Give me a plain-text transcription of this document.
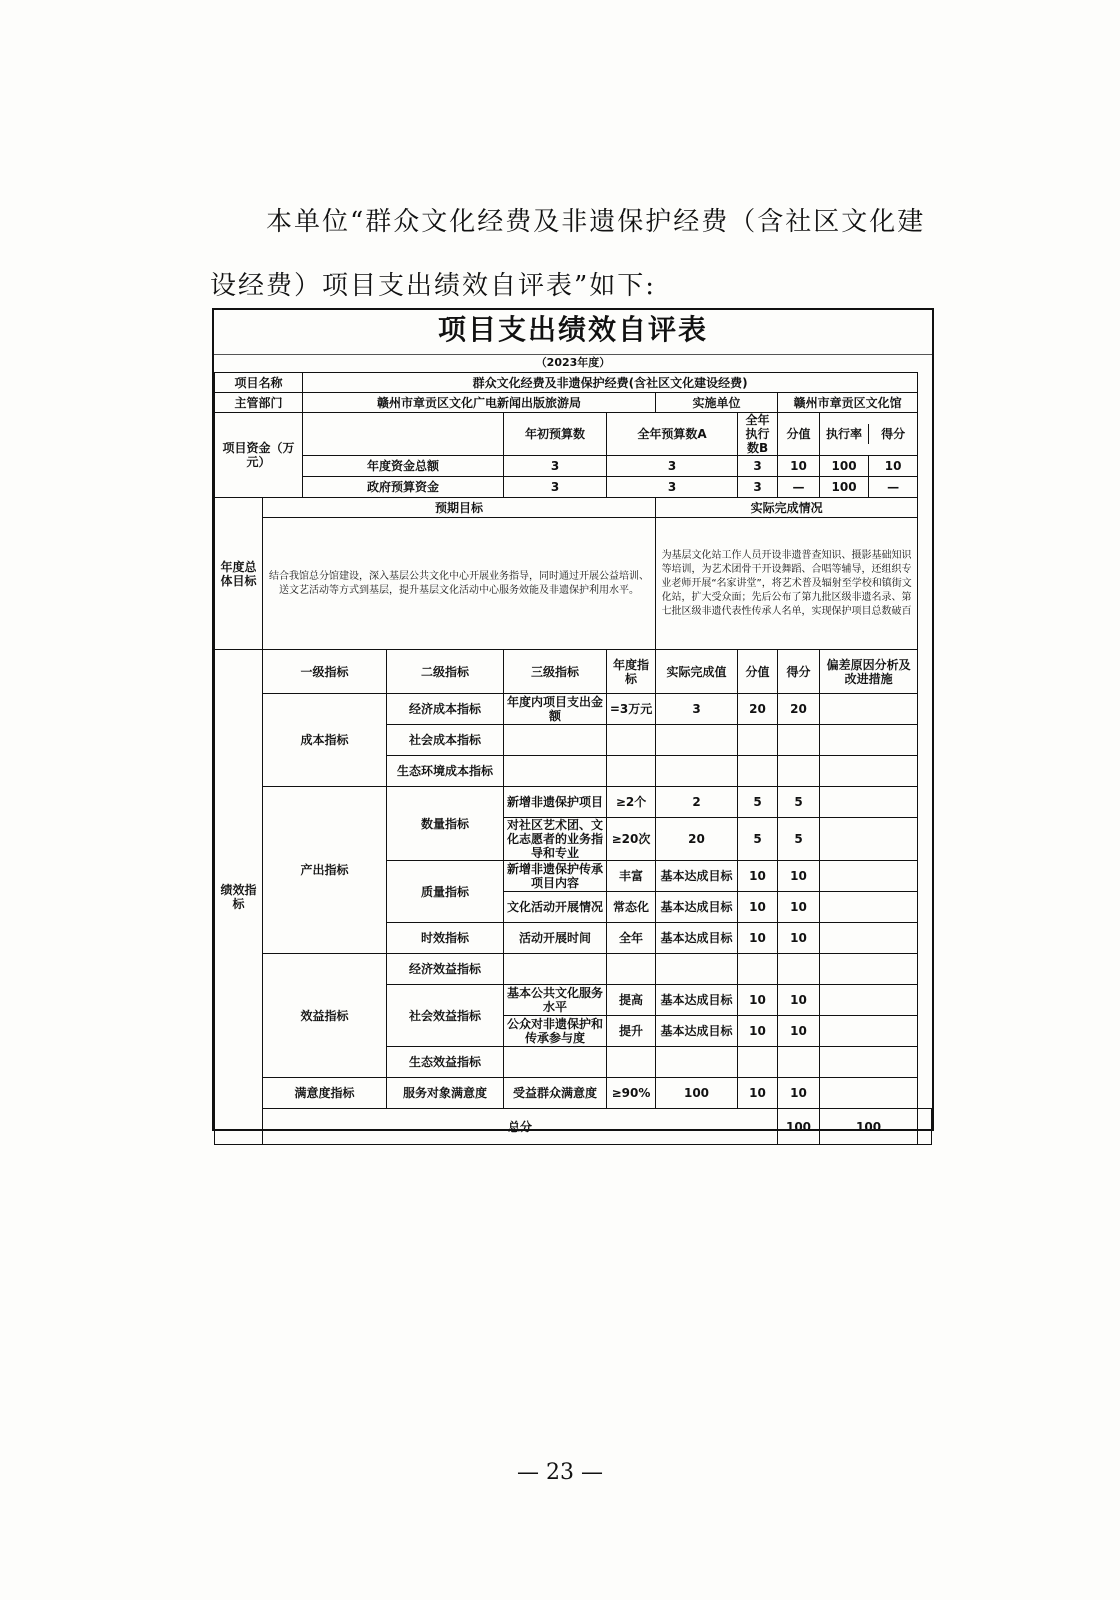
本单位“群众文化经费及非遗保护经费（含社区文化建
设经费）项目支出绩效自评表”如下:
项目支出绩效自评表
（2023年度）
项目名称		群众文化经费及非遗保护经费(含社区文化建设经费)								
主管部门		赣州市章贡区文化广电新闻出版旅游局				实施单位		赣州市章贡区文化馆		
项目资金（万元）				年初预算数	全年预算数A		全年执行数B	分值	执行率 得分	

		年度资金总额		3	3		3	10	100 10	

		政府预算资金		3	3		3	—	100 —	

年度总体目标	预期目标					实际完成情况				
	结合我馆总分馆建设，深入基层公共文化中心开展业务指导，同时通过开展公益培训、送文艺活动等方式到基层，提升基层文化活动中心服务效能及非遗保护利用水平。					为基层文化站工作人员开设非遗普查知识、摄影基础知识等培训，为艺术团骨干开设舞蹈、合唱等辅导，还组织专业老师开展“名家讲堂”，将艺术普及辐射至学校和镇街文化站，扩大受众面；先后公布了第九批区级非遗名录、第七批区级非遗代表性传承人名单，实现保护项目总数破百				
绩效指标	一级指标		二级指标	三级指标	年度指标	实际完成值	分值	得分	偏差原因分析及改进措施	
	成本指标		经济成本指标	年度内项目支出金额	=3万元	3	20	20		
			社会成本指标							
			生态环境成本指标							
	产出指标		数量指标	新增非遗保护项目	≥2个	2	5	5		
				对社区艺术团、文化志愿者的业务指导和专业	≥20次	20	5	5		
			质量指标	新增非遗保护传承项目内容	丰富	基本达成目标	10	10		
				文化活动开展情况	常态化	基本达成目标	10	10		
			时效指标	活动开展时间	全年	基本达成目标	10	10		
	效益指标		经济效益指标							
			社会效益指标	基本公共文化服务水平	提高	基本达成目标	10	10		
				公众对非遗保护和传承参与度	提升	基本达成目标	10	10		
			生态效益指标							
	满意度指标		服务对象满意度	受益群众满意度	≥90%	100	10	10		
	总分							100	100	
— 23 —
